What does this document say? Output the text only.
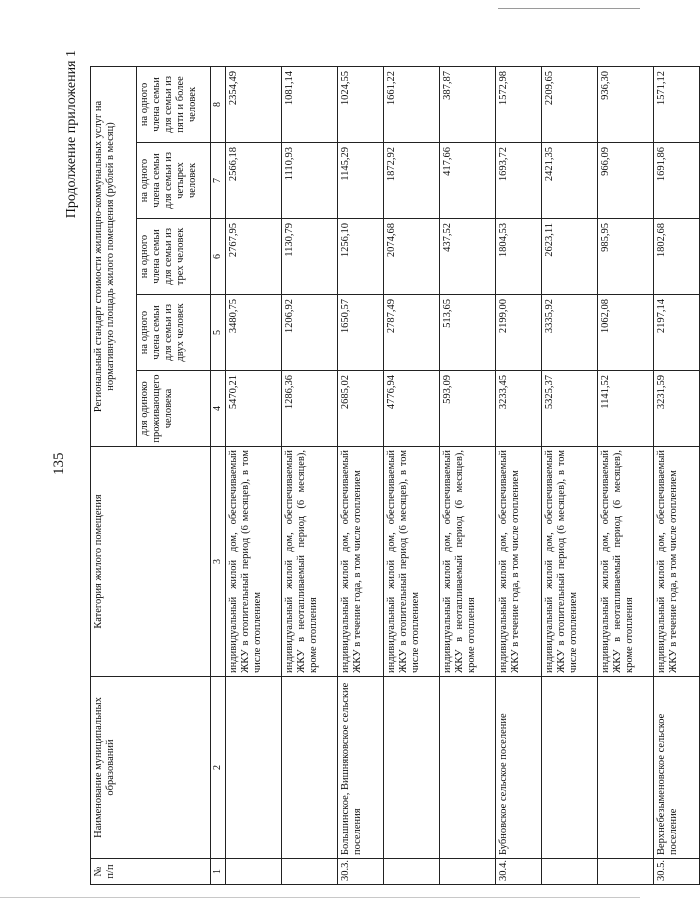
135
Продолжение приложения 1
№ п/п	Наименование муниципальных образований	Категория жилого помещения	Региональный стандарт стоимости жилищно-коммунальных услуг на нормативную площадь жилого помещения (рублей в месяц)				
			для одиноко проживающего человека	на одного члена семьи для семьи из двух человек	на одного члена семьи для семьи из трех человек	на одного члена семьи для семьи из четырех человек	на одного члена семьи для семьи из пяти и более человек
1	2	3	4	5	6	7	8
		индивидуальный жилой дом, обеспечиваемый ЖКУ в отопительный период (6 месяцев), в том числе отоплением	5470,21	3480,75	2767,95	2566,18	2354,49
		индивидуальный жилой дом, обеспечиваемый ЖКУ в неотапливаемый период (6 месяцев), кроме отопления	1286,36	1206,92	1130,79	1110,93	1081,14
30.3.	Большинское, Вишняковское сельские поселения	индивидуальный жилой дом, обеспечиваемый ЖКУ в течение года, в том числе отоплением	2685,02	1650,57	1256,10	1145,29	1024,55
		индивидуальный жилой дом, обеспечиваемый ЖКУ в отопительный период (6 месяцев), в том числе отоплением	4776,94	2787,49	2074,68	1872,92	1661,22
		индивидуальный жилой дом, обеспечиваемый ЖКУ в неотапливаемый период (6 месяцев), кроме отопления	593,09	513,65	437,52	417,66	387,87
30.4.	Бубновское сельское поселение	индивидуальный жилой дом, обеспечиваемый ЖКУ в течение года, в том числе отоплением	3233,45	2199,00	1804,53	1693,72	1572,98
		индивидуальный жилой дом, обеспечиваемый ЖКУ в отопительный период (6 месяцев), в том числе отоплением	5325,37	3335,92	2623,11	2421,35	2209,65
		индивидуальный жилой дом, обеспечиваемый ЖКУ в неотапливаемый период (6 месяцев), кроме отопления	1141,52	1062,08	985,95	966,09	936,30
30.5.	Верхнебезыменовское сельское поселение	индивидуальный жилой дом, обеспечиваемый ЖКУ в течение года, в том числе отоплением	3231,59	2197,14	1802,68	1691,86	1571,12
